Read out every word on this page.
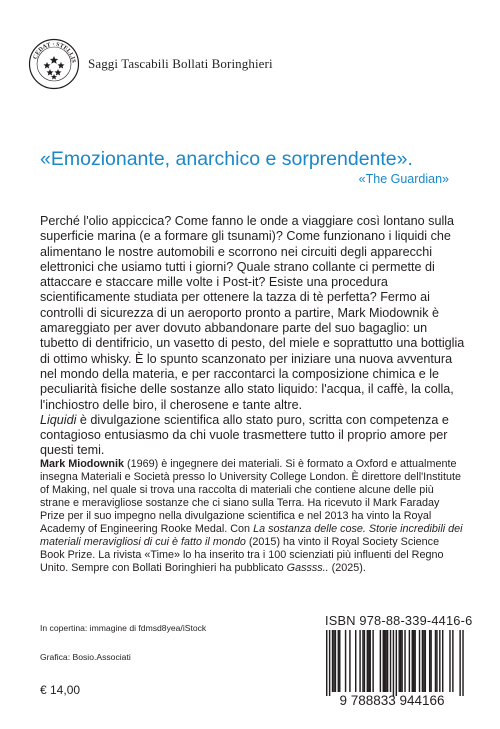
CEDAT · STELLIS Saggi Tascabili Bollati Boringhieri

«Emozionante, anarchico e sorprendente».

«The Guardian»

Perché l'olio appiccica? Come fanno le onde a viaggiare così lontano sulla superficie marina (e a formare gli tsunami)? Come funzionano i liquidi che alimentano le nostre automobili e scorrono nei circuiti degli apparecchi elettronici che usiamo tutti i giorni? Quale strano collante ci permette di attaccare e staccare mille volte i Post-it? Esiste una procedura scientificamente studiata per ottenere la tazza di tè perfetta? Fermo ai controlli di sicurezza di un aeroporto pronto a partire, Mark Miodownik è amareggiato per aver dovuto abbandonare parte del suo bagaglio: un tubetto di dentifricio, un vasetto di pesto, del miele e soprattutto una bottiglia di ottimo whisky. È lo spunto scanzonato per iniziare una nuova avventura nel mondo della materia, e per raccontarci la composizione chimica e le peculiarità fisiche delle sostanze allo stato liquido: l'acqua, il caffè, la colla, l'inchiostro delle biro, il cherosene e tante altre.

Liquidi è divulgazione scientifica allo stato puro, scritta con competenza e contagioso entusiasmo da chi vuole trasmettere tutto il proprio amore per questi temi.

Mark Miodownik (1969) è ingegnere dei materiali. Si è formato a Oxford e attualmente insegna Materiali e Società presso lo University College London. È direttore dell'Institute of Making, nel quale si trova una raccolta di materiali che contiene alcune delle più strane e meravigliose sostanze che ci siano sulla Terra. Ha ricevuto il Mark Faraday Prize per il suo impegno nella divulgazione scientifica e nel 2013 ha vinto la Royal Academy of Engineering Rooke Medal. Con La sostanza delle cose. Storie incredibili dei materiali meravigliosi di cui è fatto il mondo (2015) ha vinto il Royal Society Science Book Prize. La rivista «Time» lo ha inserito tra i 100 scienziati più influenti del Regno Unito. Sempre con Bollati Boringhieri ha pubblicato Gassss.. (2025).

In copertina: immagine di fdmsd8yea/iStock
Grafica: Bosio.Associati
€ 14,00
ISBN 978-88-339-4416-6
9 788833 944166
